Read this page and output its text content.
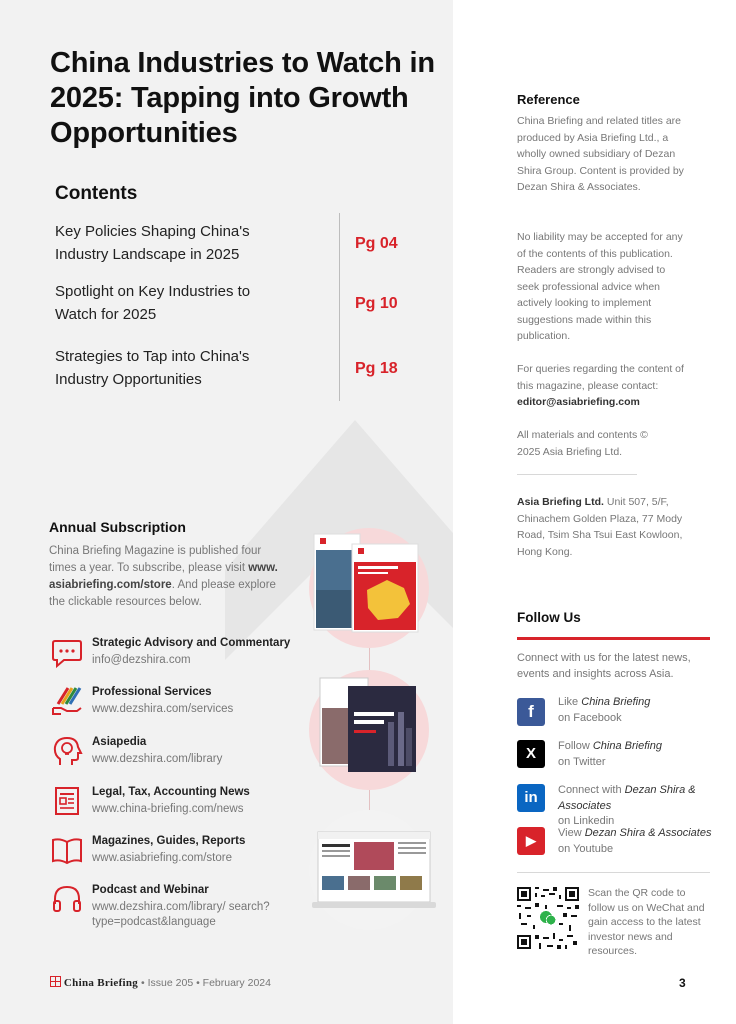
China Industries to Watch in 2025: Tapping into Growth Opportunities
Contents
Key Policies Shaping China's Industry Landscape in 2025
Pg 04
Spotlight on Key Industries to Watch for 2025
Pg 10
Strategies to Tap into China's Industry Opportunities
Pg 18
Annual Subscription
China Briefing Magazine is published four times a year. To subscribe, please visit www. asiabriefing.com/store. And please explore the clickable resources below.
Strategic Advisory and Commentary
info@dezshira.com
Professional Services
www.dezshira.com/services
Asiapedia
www.dezshira.com/library
Legal, Tax, Accounting News
www.china-briefing.com/news
Magazines, Guides, Reports
www.asiabriefing.com/store
Podcast and Webinar
www.dezshira.com/library/ search?type=podcast&language
China Briefing • Issue 205 • February 2024	3
Reference
China Briefing and related titles are produced by Asia Briefing Ltd., a wholly owned subsidiary of Dezan Shira Group. Content is provided by Dezan Shira & Associates.
No liability may be accepted for any of the contents of this publication. Readers are strongly advised to seek professional advice when actively looking to implement suggestions made within this publication.
For queries regarding the content of this magazine, please contact:
editor@asiabriefing.com
All materials and contents © 2025 Asia Briefing Ltd.
Asia Briefing Ltd. Unit 507, 5/F, Chinachem Golden Plaza, 77 Mody Road, Tsim Sha Tsui East Kowloon, Hong Kong.
Follow Us
Connect with us for the latest news, events and insights across Asia.
f	Like China Briefing
on Facebook
X	Follow China Briefing
on Twitter
in	Connect with Dezan Shira & Associates
on Linkedin
▶	View Dezan Shira & Associates
on Youtube
Scan the QR code to follow us on WeChat and gain access to the latest investor news and resources.
